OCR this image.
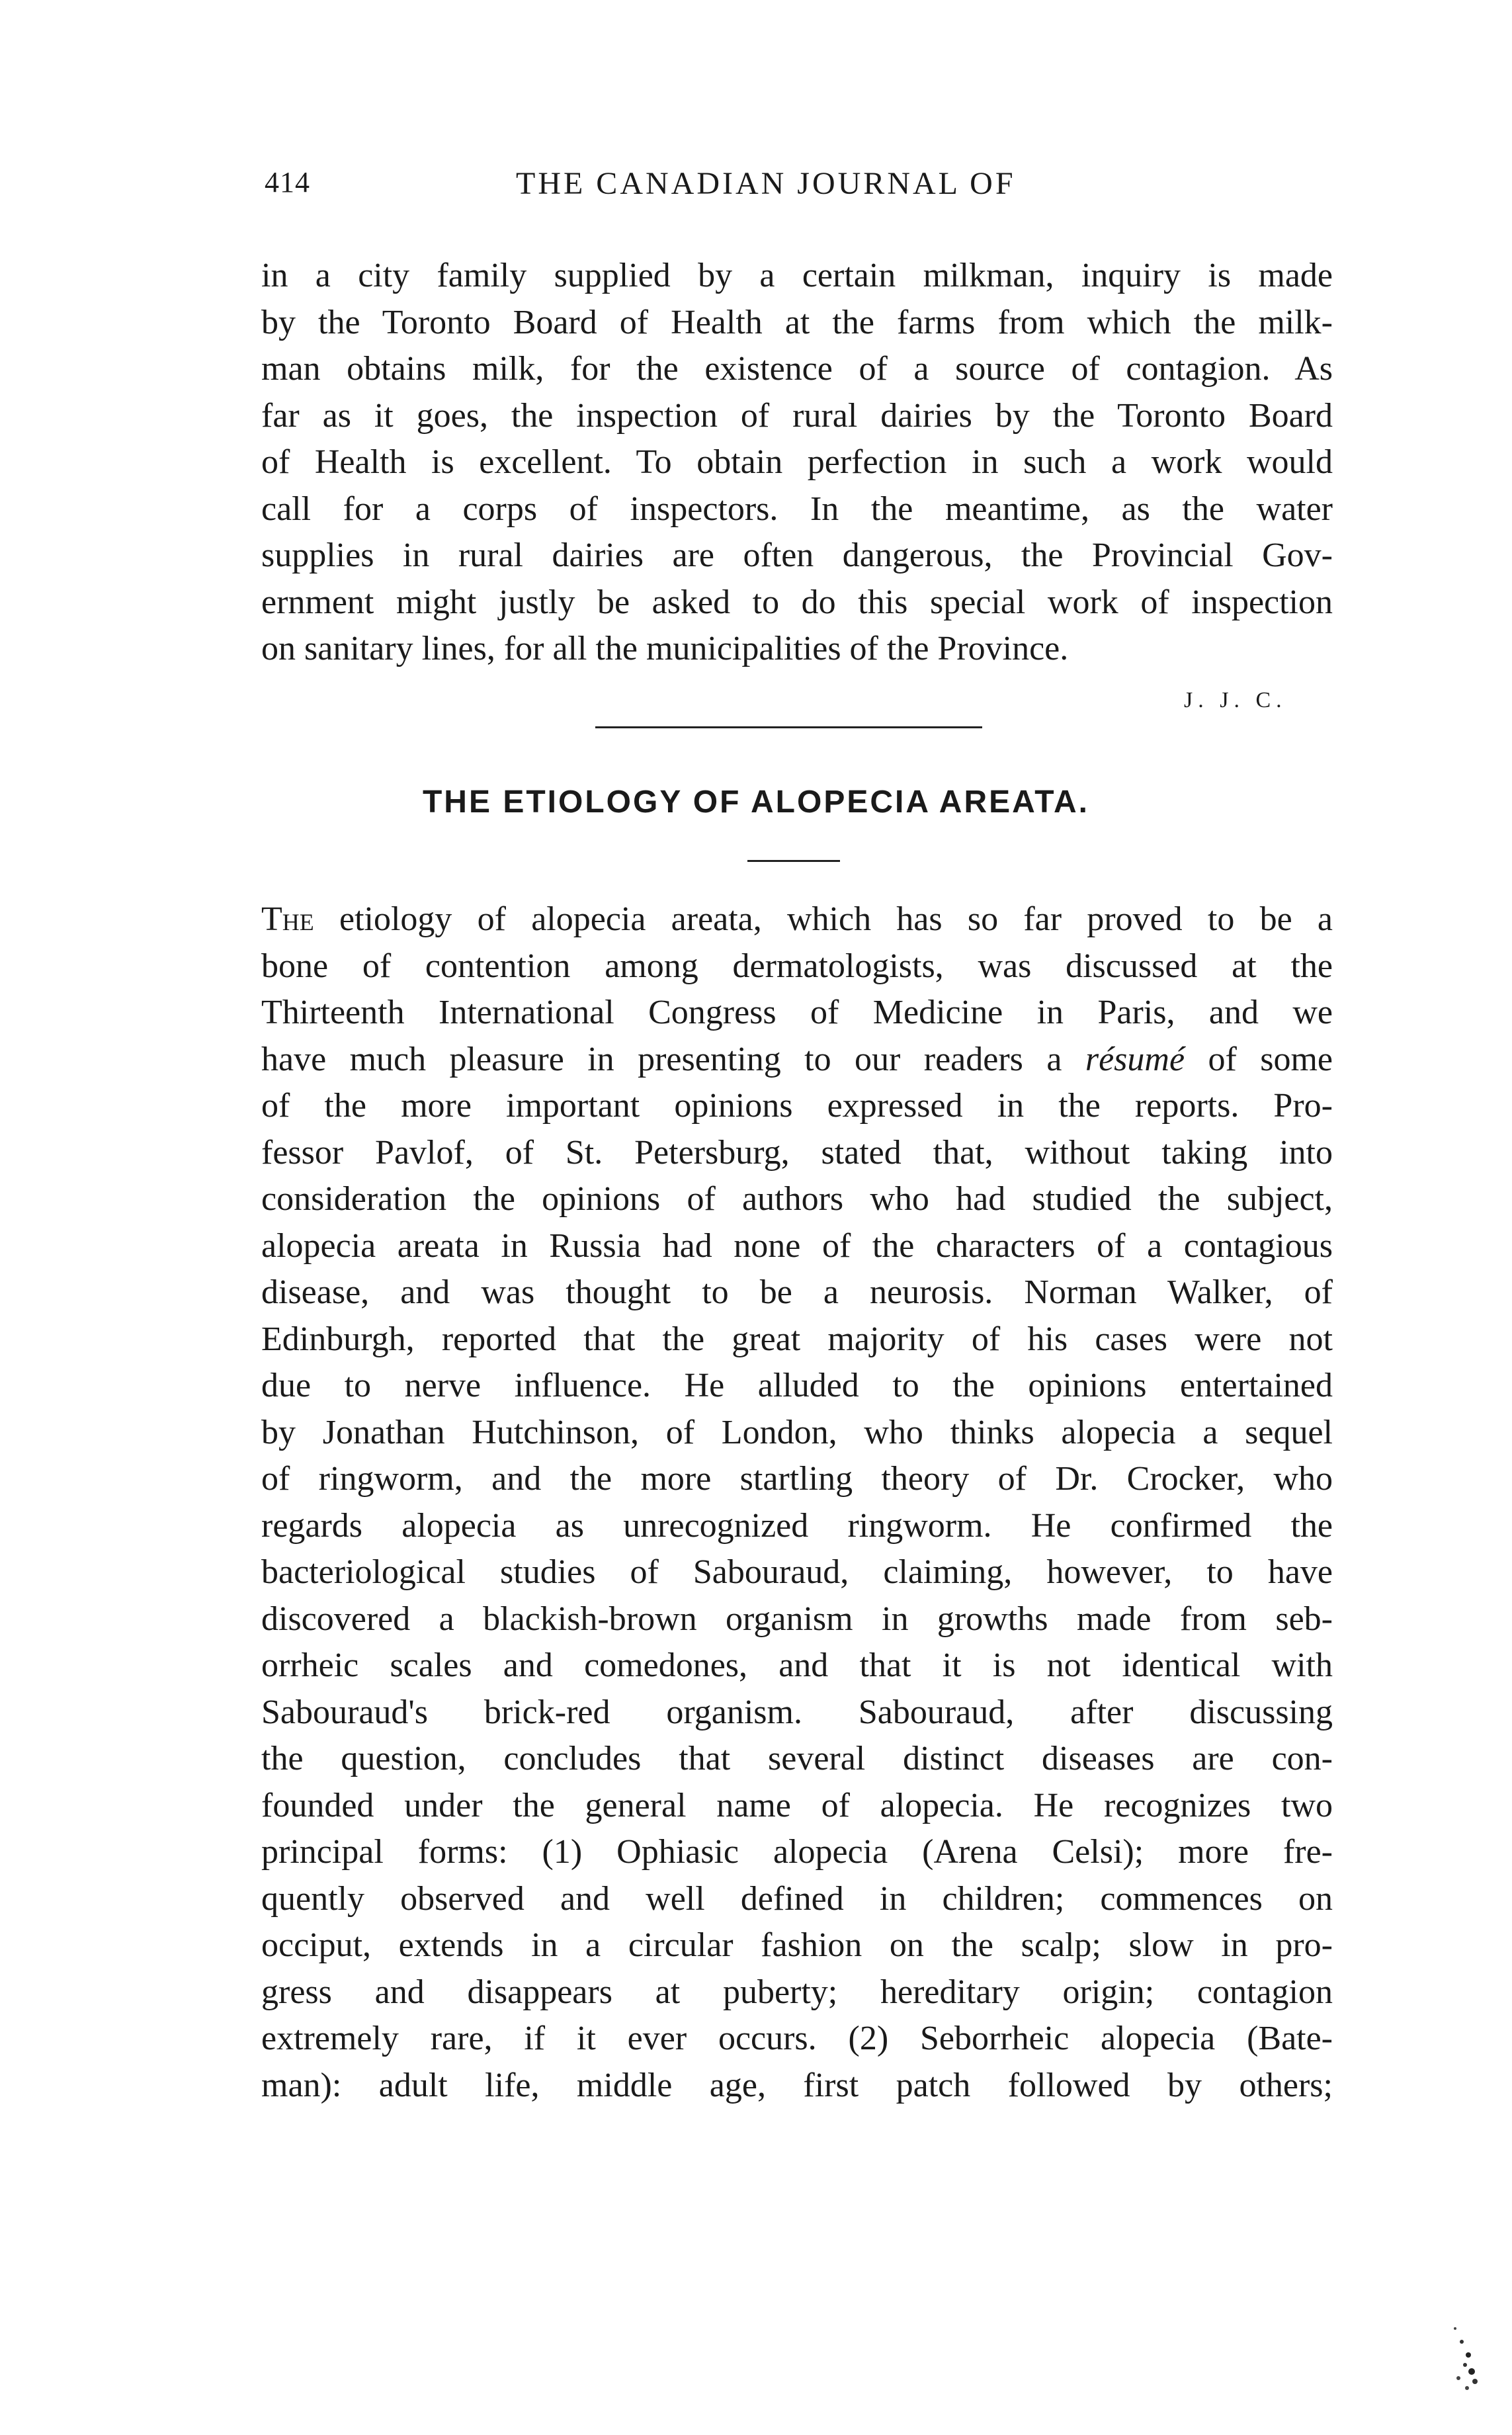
414	THE CANADIAN JOURNAL OF
in a city family supplied by a certain milkman, inquiry is made
by the Toronto Board of Health at the farms from which the milk-
man obtains milk, for the existence of a source of contagion. As
far as it goes, the inspection of rural dairies by the Toronto Board
of Health is excellent. To obtain perfection in such a work would
call for a corps of inspectors. In the meantime, as the water
supplies in rural dairies are often dangerous, the Provincial Gov-
ernment might justly be asked to do this special work of inspection
on sanitary lines, for all the municipalities of the Province.
J. J. C.
THE ETIOLOGY OF ALOPECIA AREATA.
The etiology of alopecia areata, which has so far proved to be a
bone of contention among dermatologists, was discussed at the
Thirteenth International Congress of Medicine in Paris, and we
have much pleasure in presenting to our readers a résumé of some
of the more important opinions expressed in the reports. Pro-
fessor Pavlof, of St. Petersburg, stated that, without taking into
consideration the opinions of authors who had studied the subject,
alopecia areata in Russia had none of the characters of a contagious
disease, and was thought to be a neurosis. Norman Walker, of
Edinburgh, reported that the great majority of his cases were not
due to nerve influence. He alluded to the opinions entertained
by Jonathan Hutchinson, of London, who thinks alopecia a sequel
of ringworm, and the more startling theory of Dr. Crocker, who
regards alopecia as unrecognized ringworm. He confirmed the
bacteriological studies of Sabouraud, claiming, however, to have
discovered a blackish-brown organism in growths made from seb-
orrheic scales and comedones, and that it is not identical with
Sabouraud's brick-red organism. Sabouraud, after discussing
the question, concludes that several distinct diseases are con-
founded under the general name of alopecia. He recognizes two
principal forms: (1) Ophiasic alopecia (Arena Celsi); more fre-
quently observed and well defined in children; commences on
occiput, extends in a circular fashion on the scalp; slow in pro-
gress and disappears at puberty; hereditary origin; contagion
extremely rare, if it ever occurs. (2) Seborrheic alopecia (Bate-
man): adult life, middle age, first patch followed by others;
